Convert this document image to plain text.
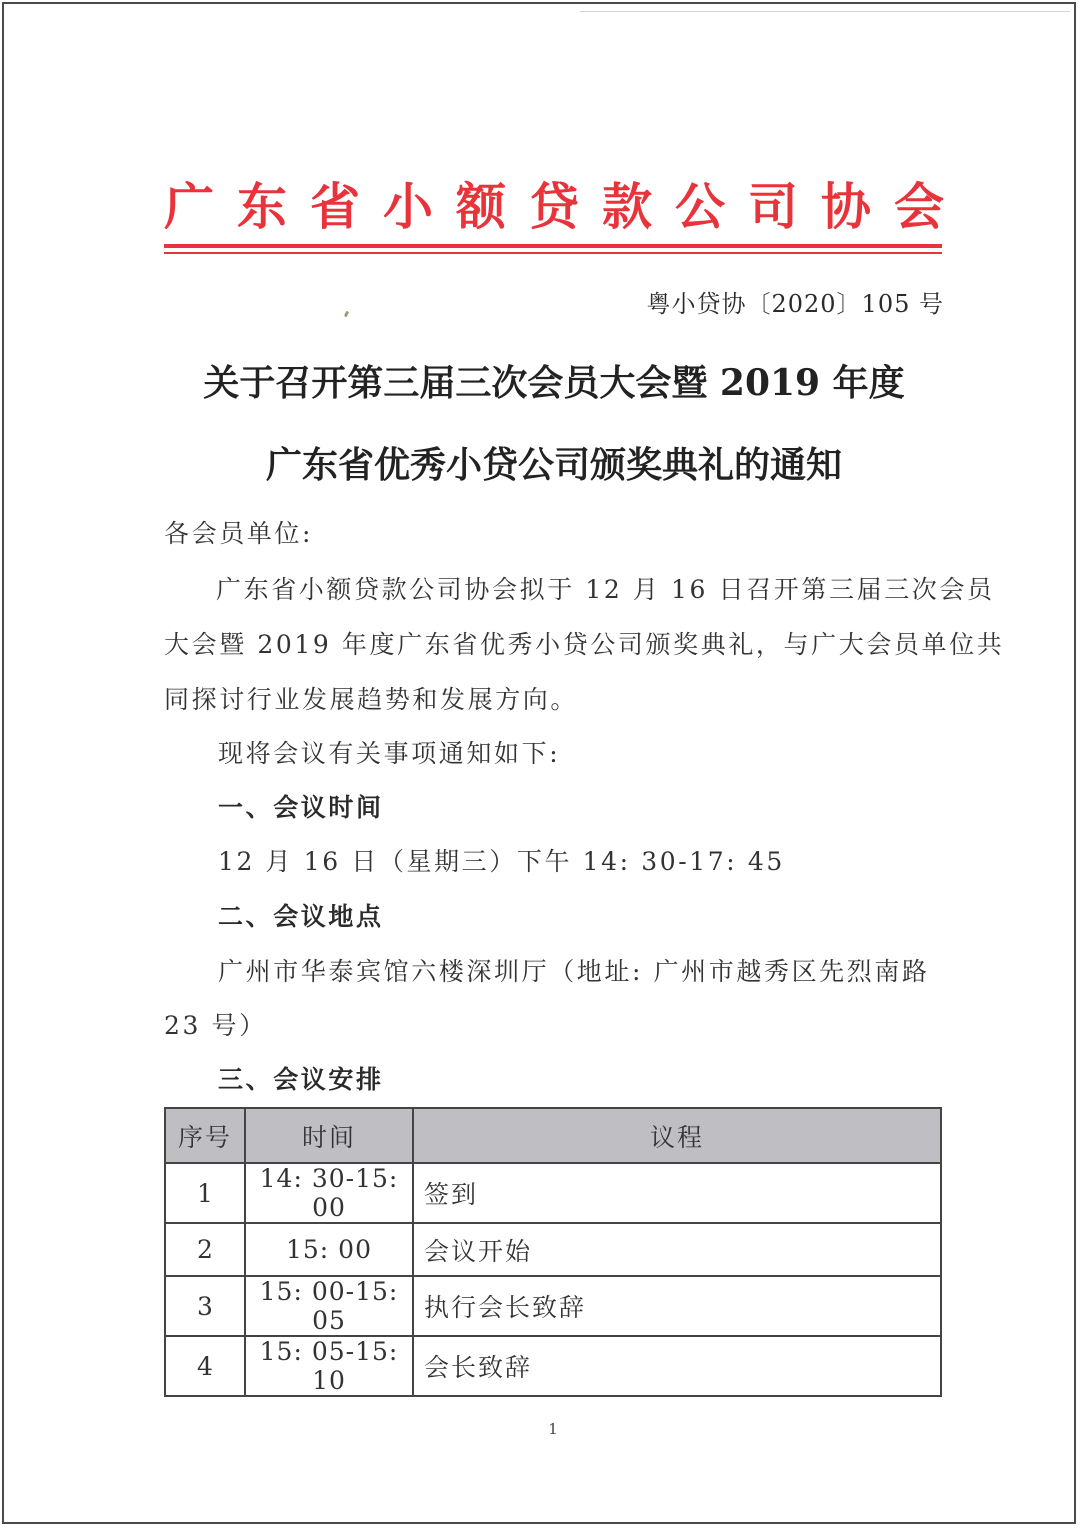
广 东 省 小 额 贷 款 公 司 协 会
粤小贷协〔2020〕105 号
关于召开第三届三次会员大会暨 2019 年度
广东省优秀小贷公司颁奖典礼的通知
各会员单位:
广东省小额贷款公司协会拟于 12 月 16 日召开第三届三次会员
大会暨 2019 年度广东省优秀小贷公司颁奖典礼，与广大会员单位共
同探讨行业发展趋势和发展方向。
现将会议有关事项通知如下:
一、会议时间
12 月 16 日（星期三）下午 14: 30-17: 45
二、会议地点
广州市华泰宾馆六楼深圳厅（地址: 广州市越秀区先烈南路
23 号）
三、会议安排
序号	时间	议程
1	14: 30-15: 00	签到
2	15: 00	会议开始
3	15: 00-15: 05	执行会长致辞
4	15: 05-15: 10	会长致辞
1
